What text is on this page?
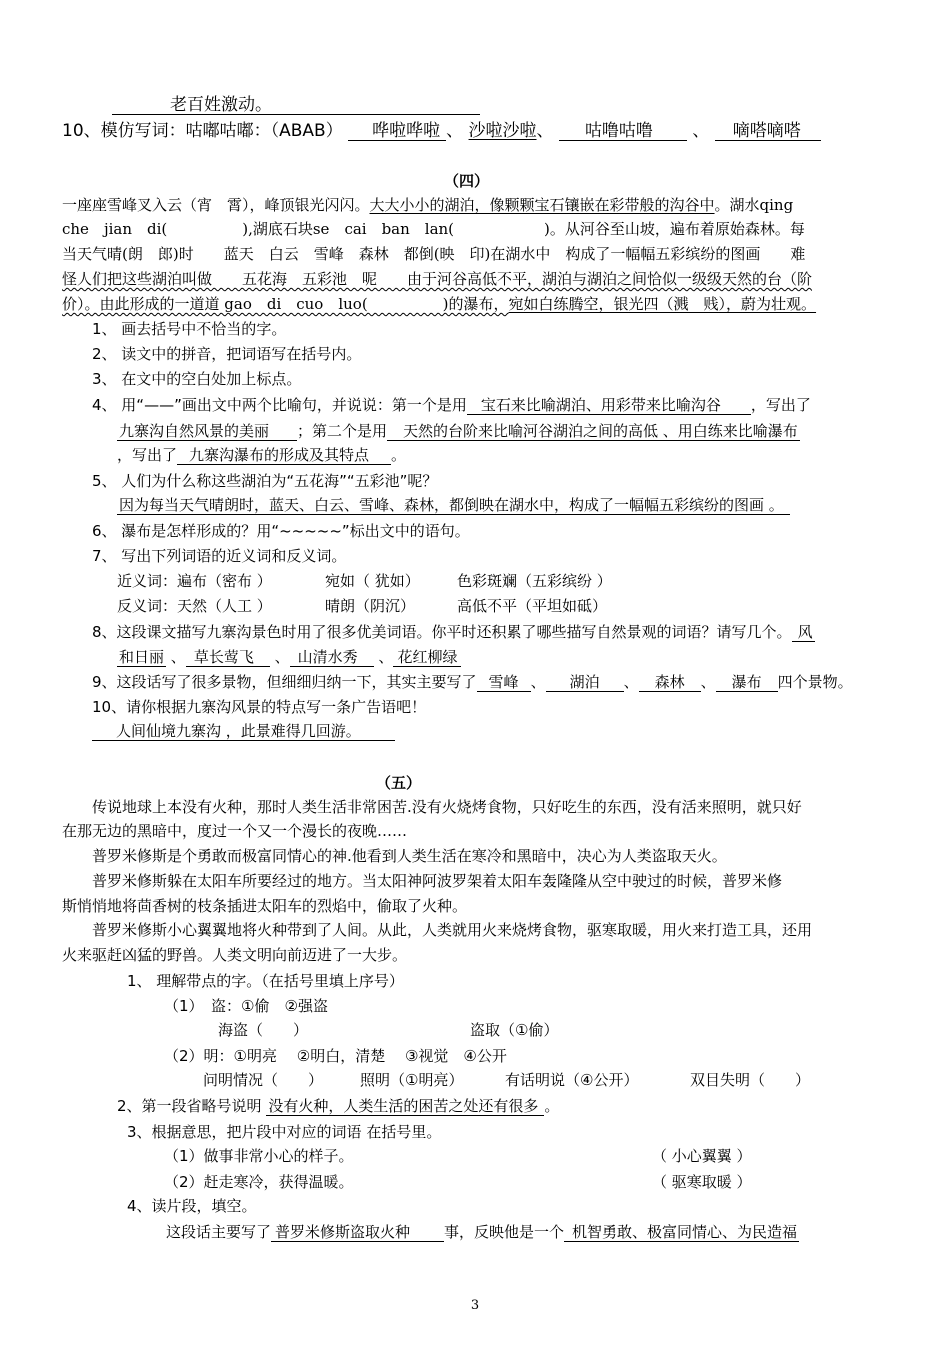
老百姓激动。
10、模仿写词：咕嘟咕嘟：（ABAB） 哗啦哗啦 、 沙啦沙啦、 咕噜咕噜 、 嘀嗒嘀嗒
（四）
一座座雪峰叉入云（宵　霄），峰顶银光闪闪。大大小小的湖泊，像颗颗宝石镶嵌在彩带般的沟谷中。湖水qing
che　jian　di(　　　　　),湖底石块se　cai　ban　lan(　　　　　　)。从河谷至山坡，遍布着原始森林。每
当天气晴(朗　郎)时　　蓝天　白云　雪峰　森林　都倒(映　印)在湖水中　构成了一幅幅五彩缤纷的图画　　难
怪人们把这些湖泊叫做　　五花海　五彩池　呢　　由于河谷高低不平，湖泊与湖泊之间恰似一级级天然的台（阶
价）。由此形成的一道道 gao　di　cuo　luo(　　　　　)的瀑布，宛如白练腾空，银光四（溅　贱），蔚为壮观。
1、 画去括号中不恰当的字。
2、 读文中的拼音，把词语写在括号内。
3、 在文中的空白处加上标点。
4、 用“——”画出文中两个比喻句，并说说：第一个是用 宝石来比喻湖泊、用彩带来比喻沟谷 ，写出了
九寨沟自然风景的美丽 ；第二个是用 天然的台阶来比喻河谷湖泊之间的高低 、用白练来比喻瀑布
，写出了 九寨沟瀑布的形成及其特点 。
5、 人们为什么称这些湖泊为“五花海”“五彩池”呢？
因为每当天气晴朗时，蓝天、白云、雪峰、森林，都倒映在湖水中，构成了一幅幅五彩缤纷的图画 。
6、 瀑布是怎样形成的？用“~~~~~”标出文中的语句。
7、 写出下列词语的近义词和反义词。
近义词：遍布（密布 ）	宛如（ 犹如） 色彩斑斓（五彩缤纷 ）
反义词：天然（人工 ）	晴朗（阴沉）	高低不平（平坦如砥）
8、这段课文描写九寨沟景色时用了很多优美词语。你平时还积累了哪些描写自然景观的词语？请写几个。 风
和日丽 、 草长莺飞 、 山清水秀 、 花红柳绿
9、这段话写了很多景物，但细细归纳一下，其实主要写了 雪峰 、 湖泊 、 森林 、 瀑布 四个景物。
10、请你根据九寨沟风景的特点写一条广告语吧！
人间仙境九寨沟 ，此景难得几回游。
（五）
传说地球上本没有火种，那时人类生活非常困苦.没有火烧烤食物，只好吃生的东西，没有活来照明，就只好
在那无边的黑暗中，度过一个又一个漫长的夜晚……
普罗米修斯是个勇敢而极富同情心的神.他看到人类生活在寒冷和黑暗中，决心为人类盗取天火。
普罗米修斯躲在太阳车所要经过的地方。当太阳神阿波罗架着太阳车轰隆隆从空中驶过的时候，普罗米修
斯悄悄地将茴香树的枝条插进太阳车的烈焰中，偷取了火种。
普罗米修斯小心翼翼地将火种带到了人间。从此，人类就用火来烧烤食物，驱寒取暖，用火来打造工具，还用
火来驱赶凶猛的野兽。人类文明向前迈进了一大步。
1、 理解带点的字。（在括号里填上序号）
（1）　盗：①偷　②强盗
海盗（　　）	盗取（①偷）
（2）明：①明亮　 ②明白，清楚　 ③视觉　④公开
问明情况（　　） 照明（①明亮）	有话明说（④公开）	双目失明（　　）
2、第一段省略号说明 没有火种，人类生活的困苦之处还有很多 。
3、根据意思，把片段中对应的词语 在括号里。
（1）做事非常小心的样子。	（ 小心翼翼 ）
（2）赶走寒冷，获得温暖。	（ 驱寒取暖 ）
4、读片段，填空。
这段话主要写了 普罗米修斯盗取火种 事，反映他是一个 机智勇敢、极富同情心、为民造福
3
